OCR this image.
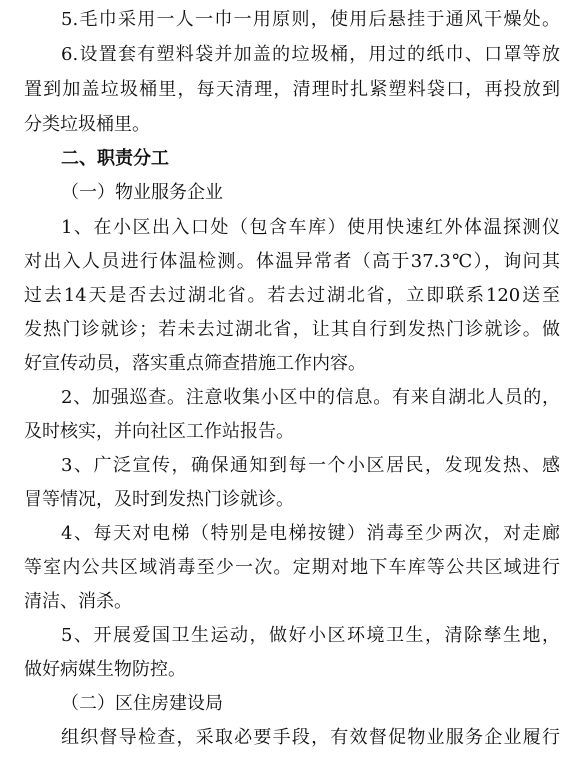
5.毛巾采用一人一巾一用原则，使用后悬挂于通风干燥处。
6.设置套有塑料袋并加盖的垃圾桶，用过的纸巾、口罩等放
置到加盖垃圾桶里，每天清理，清理时扎紧塑料袋口，再投放到
分类垃圾桶里。
二、职责分工
（一）物业服务企业
1、在小区出入口处（包含车库）使用快速红外体温探测仪
对出入人员进行体温检测。体温异常者（高于37.3℃），询问其
过去14天是否去过湖北省。若去过湖北省，立即联系120送至
发热门诊就诊；若未去过湖北省，让其自行到发热门诊就诊。做
好宣传动员，落实重点筛查措施工作内容。
2、加强巡查。注意收集小区中的信息。有来自湖北人员的，
及时核实，并向社区工作站报告。
3、广泛宣传，确保通知到每一个小区居民，发现发热、感
冒等情况，及时到发热门诊就诊。
4、每天对电梯（特别是电梯按键）消毒至少两次，对走廊
等室内公共区域消毒至少一次。定期对地下车库等公共区域进行
清洁、消杀。
5、开展爱国卫生运动，做好小区环境卫生，清除孳生地，
做好病媒生物防控。
（二）区住房建设局
组织督导检查，采取必要手段，有效督促物业服务企业履行
